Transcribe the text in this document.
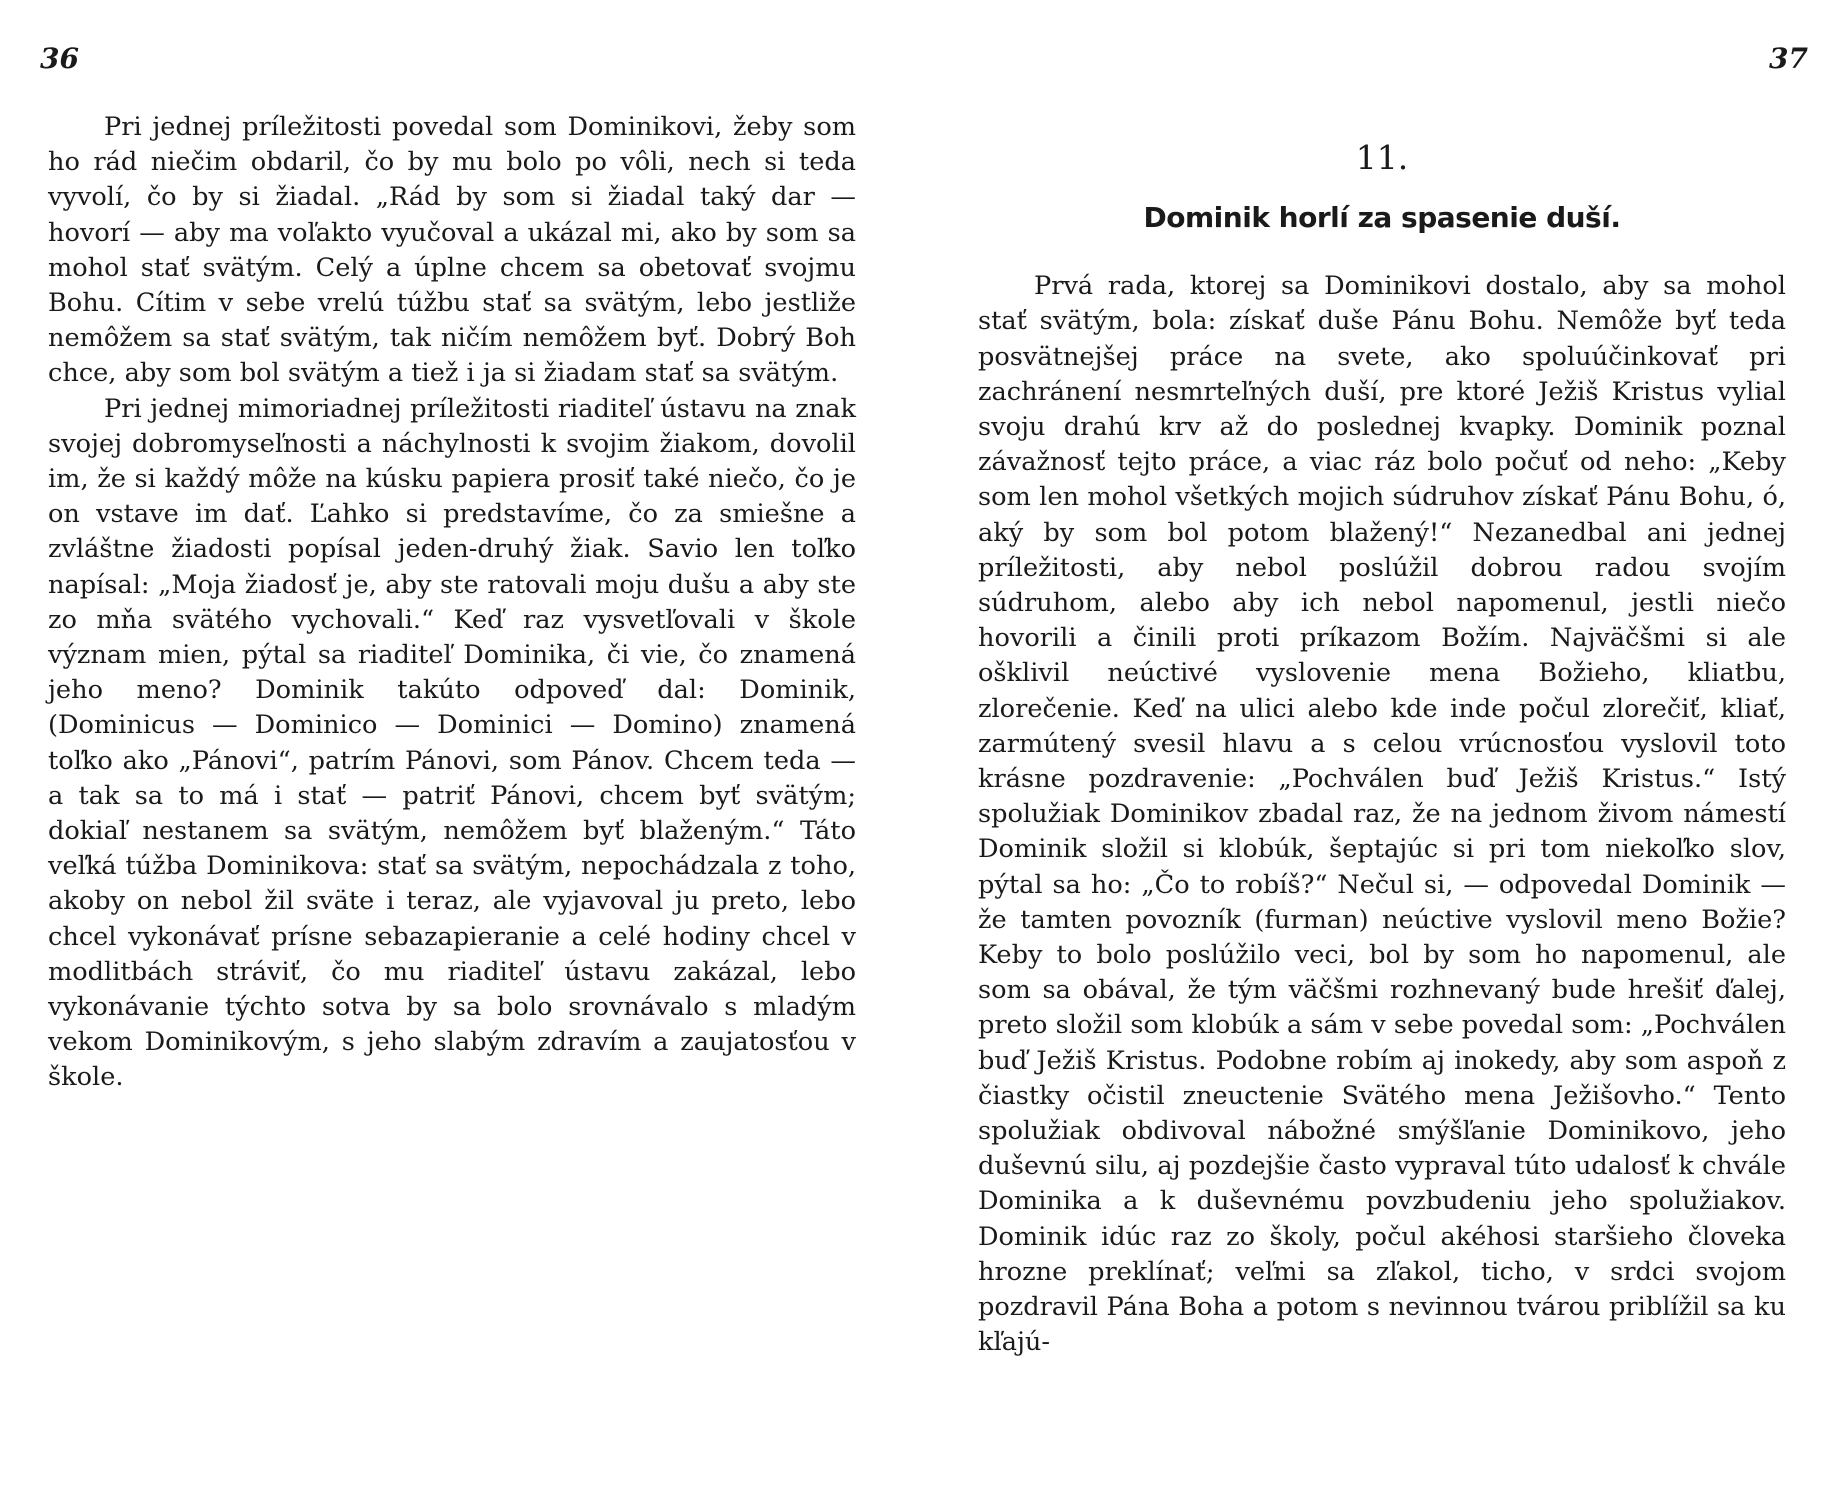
36

Pri jednej príležitosti povedal som Dominikovi, žeby som ho rád niečim obdaril, čo by mu bolo po vôli, nech si teda vyvolí, čo by si žiadal. „Rád by som si žiadal taký dar — hovorí — aby ma voľakto vyučoval a ukázal mi, ako by som sa mohol stať svätým. Celý a úplne chcem sa obetovať svojmu Bohu. Cítim v sebe vrelú túžbu stať sa svätým, lebo jestliže nemôžem sa stať svätým, tak ničím nemôžem byť. Dobrý Boh chce, aby som bol svätým a tiež i ja si žiadam stať sa svätým.

Pri jednej mimoriadnej príležitosti riaditeľ ústavu na znak svojej dobromyseľnosti a náchylnosti k svojim žiakom, dovolil im, že si každý môže na kúsku papiera prosiť také niečo, čo je on vstave im dať. Ľahko si predstavíme, čo za smiešne a zvláštne žiadosti popísal jeden-druhý žiak. Savio len toľko napísal: „Moja žiadosť je, aby ste ratovali moju dušu a aby ste zo mňa svätého vychovali.“ Keď raz vysvetľovali v škole význam mien, pýtal sa riaditeľ Dominika, či vie, čo znamená jeho meno? Dominik takúto odpoveď dal: Dominik, (Dominicus — Dominico — Dominici — Domino) znamená toľko ako „Pánovi“, patrím Pánovi, som Pánov. Chcem teda — a tak sa to má i stať — patriť Pánovi, chcem byť svätým; dokiaľ nestanem sa svätým, nemôžem byť blaženým.“ Táto veľká túžba Dominikova: stať sa svätým, nepochádzala z toho, akoby on nebol žil sväte i teraz, ale vyjavoval ju preto, lebo chcel vykonávať prísne sebazapieranie a celé hodiny chcel v modlitbách stráviť, čo mu riaditeľ ústavu zakázal, lebo vykonávanie týchto sotva by sa bolo srovnávalo s mladým vekom Dominikovým, s jeho slabým zdravím a zaujatosťou v škole.

37
11.
Dominik horlí za spasenie duší.

Prvá rada, ktorej sa Dominikovi dostalo, aby sa mohol stať svätým, bola: získať duše Pánu Bohu. Nemôže byť teda posvätnejšej práce na svete, ako spoluúčinkovať pri zachránení nesmrteľných duší, pre ktoré Ježiš Kristus vylial svoju drahú krv až do poslednej kvapky. Dominik poznal závažnosť tejto práce, a viac ráz bolo počuť od neho: „Keby som len mohol všetkých mojich súdruhov získať Pánu Bohu, ó, aký by som bol potom blažený!“ Nezanedbal ani jednej príležitosti, aby nebol poslúžil dobrou radou svojím súdruhom, alebo aby ich nebol napomenul, jestli niečo hovorili a činili proti príkazom Božím. Najväčšmi si ale ošklivil neúctivé vyslovenie mena Božieho, kliatbu, zlorečenie. Keď na ulici alebo kde inde počul zlorečiť, kliať, zarmútený svesil hlavu a s celou vrúcnosťou vyslovil toto krásne pozdravenie: „Pochválen buď Ježiš Kristus.“ Istý spolužiak Dominikov zbadal raz, že na jednom živom námestí Dominik složil si klobúk, šeptajúc si pri tom niekoľko slov, pýtal sa ho: „Čo to robíš?“ Nečul si, — odpovedal Dominik — že tamten povozník (furman) neúctive vyslovil meno Božie? Keby to bolo poslúžilo veci, bol by som ho napomenul, ale som sa obával, že tým väčšmi rozhnevaný bude hrešiť ďalej, preto složil som klobúk a sám v sebe povedal som: „Pochválen buď Ježiš Kristus. Podobne robím aj inokedy, aby som aspoň z čiastky očistil zneuctenie Svätého mena Ježišovho.“ Tento spolužiak obdivoval nábožné smýšľanie Dominikovo, jeho duševnú silu, aj pozdejšie často vypraval túto udalosť k chvále Dominika a k duševnému povzbudeniu jeho spolužiakov. Dominik idúc raz zo školy, počul akéhosi staršieho človeka hrozne preklínať; veľmi sa zľakol, ticho, v srdci svojom pozdravil Pána Boha a potom s nevinnou tvárou priblížil sa ku kľajú-
